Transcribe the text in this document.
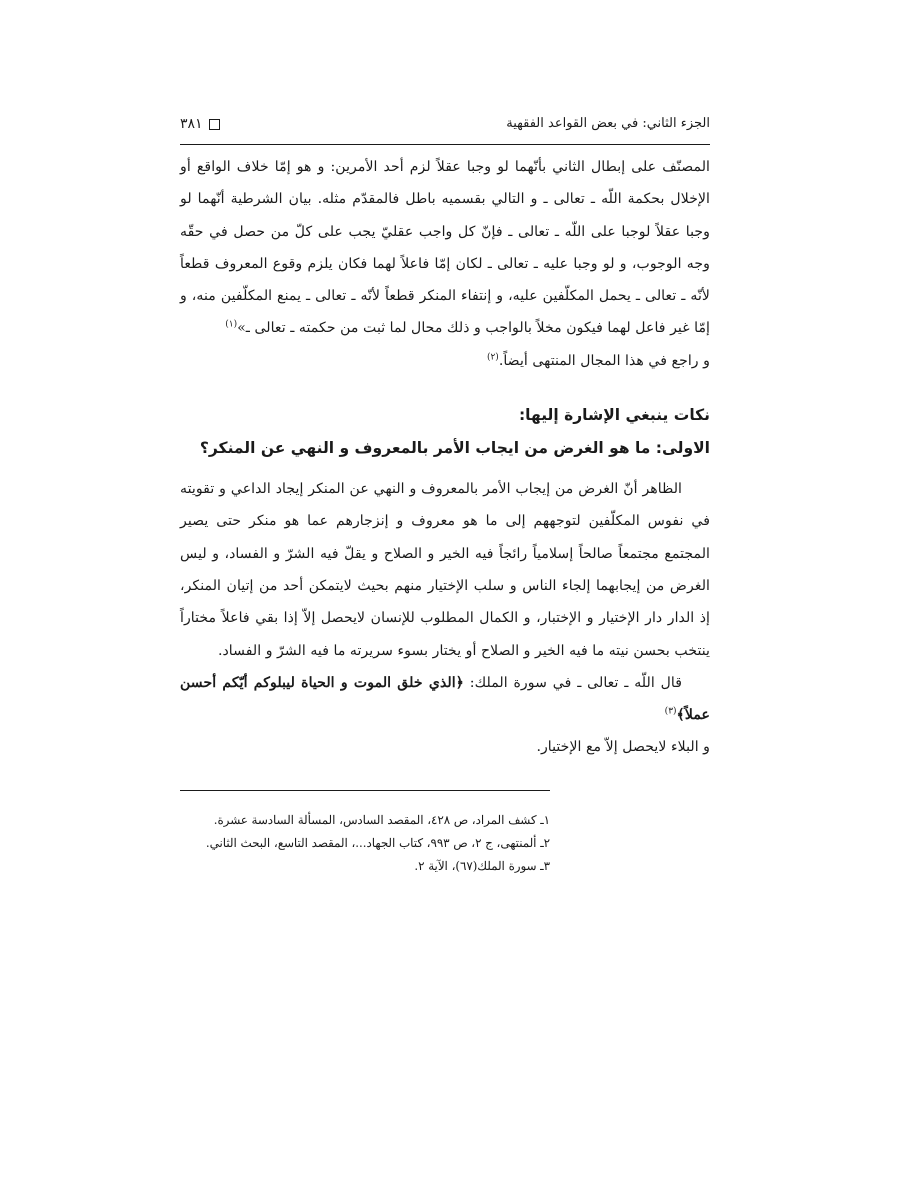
الجزء الثاني: في بعض القواعد الفقهية
٣٨١

المصنّف على إبطال الثاني بأنّهما لو وجبا عقلاً لزم أحد الأمرين: و هو إمّا خلاف الواقع أو الإخلال بحكمة اللّه ـ تعالى ـ و التالي بقسميه باطل فالمقدّم مثله. بيان الشرطية أنّهما لو وجبا عقلاً لوجبا على اللّه ـ تعالى ـ فإنّ كل واجب عقليّ يجب على كلّ من حصل في حقّه وجه الوجوب، و لو وجبا عليه ـ تعالى ـ لكان إمّا فاعلاً لهما فكان يلزم وقوع المعروف قطعاً لأنّه ـ تعالى ـ يحمل المكلّفين عليه، و إنتفاء المنكر قطعاً لأنّه ـ تعالى ـ يمنع المكلّفين منه، و إمّا غير فاعل لهما فيكون مخلاً بالواجب و ذلك محال لما ثبت من حكمته ـ تعالى ـ»$^{(١)}$

و راجع في هذا المجال المنتهى أيضاً.$^{(٢)}$

نكات ينبغي الإشارة إليها:
الاولى: ما هو الغرض من ايجاب الأمر بالمعروف و النهي عن المنكر؟

الظاهر أنّ الغرض من إيجاب الأمر بالمعروف و النهي عن المنكر إيجاد الداعي و تقويته في نفوس المكلّفين لتوجههم إلى ما هو معروف و إنزجارهم عما هو منكر حتى يصير المجتمع مجتمعاً صالحاً إسلامياً رائجاً فيه الخير و الصلاح و يقلّ فيه الشرّ و الفساد، و ليس الغرض من إيجابهما إلجاء الناس و سلب الإختيار منهم بحيث لايتمكن أحد من إتيان المنكر، إذ الدار دار الإختيار و الإختبار، و الكمال المطلوب للإنسان لايحصل إلاّ إذا بقي فاعلاً مختاراً ينتخب بحسن نيته ما فيه الخير و الصلاح أو يختار بسوء سريرته ما فيه الشرّ و الفساد.

قال اللّه ـ تعالى ـ في سورة الملك: ﴿الذي خلق الموت و الحياة ليبلوكم أيّكم أحسن عملاً﴾$^{(٣)}$

و البلاء لايحصل إلاّ مع الإختيار.

١ـ كشف المراد، ص ٤٢٨، المقصد السادس، المسألة السادسة عشرة.

٢ـ ألمنتهى، ج ٢، ص ٩٩٣، كتاب الجهاد...، المقصد التاسع، البحث الثاني.

٣ـ سورة الملك(٦٧)، الآية ٢.
